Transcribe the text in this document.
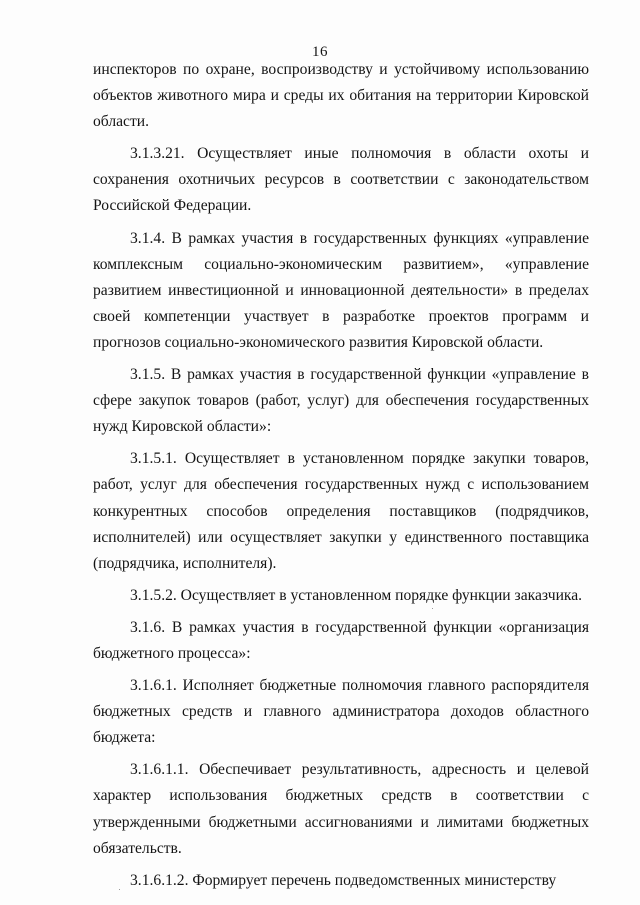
16

инспекторов по охране, воспроизводству и устойчивому использованию объектов животного мира и среды их обитания на территории Кировской области.

3.1.3.21. Осуществляет иные полномочия в области охоты и сохранения охотничьих ресурсов в соответствии с законодательством Российской Федерации.

3.1.4. В рамках участия в государственных функциях «управление комплексным социально-экономическим развитием», «управление развитием инвестиционной и инновационной деятельности» в пределах своей компетенции участвует в разработке проектов программ и прогнозов социально-экономического развития Кировской области.

3.1.5. В рамках участия в государственной функции «управление в сфере закупок товаров (работ, услуг) для обеспечения государственных нужд Кировской области»:

3.1.5.1. Осуществляет в установленном порядке закупки товаров, работ, услуг для обеспечения государственных нужд с использованием конкурентных способов определения поставщиков (подрядчиков, исполнителей) или осуществляет закупки у единственного поставщика (подрядчика, исполнителя).

3.1.5.2. Осуществляет в установленном порядке функции заказчика.

3.1.6. В рамках участия в государственной функции «организация бюджетного процесса»:

3.1.6.1. Исполняет бюджетные полномочия главного распорядителя бюджетных средств и главного администратора доходов областного бюджета:

3.1.6.1.1. Обеспечивает результативность, адресность и целевой характер использования бюджетных средств в соответствии с утвержденными бюджетными ассигнованиями и лимитами бюджетных обязательств.

3.1.6.1.2. Формирует перечень подведомственных министерству
